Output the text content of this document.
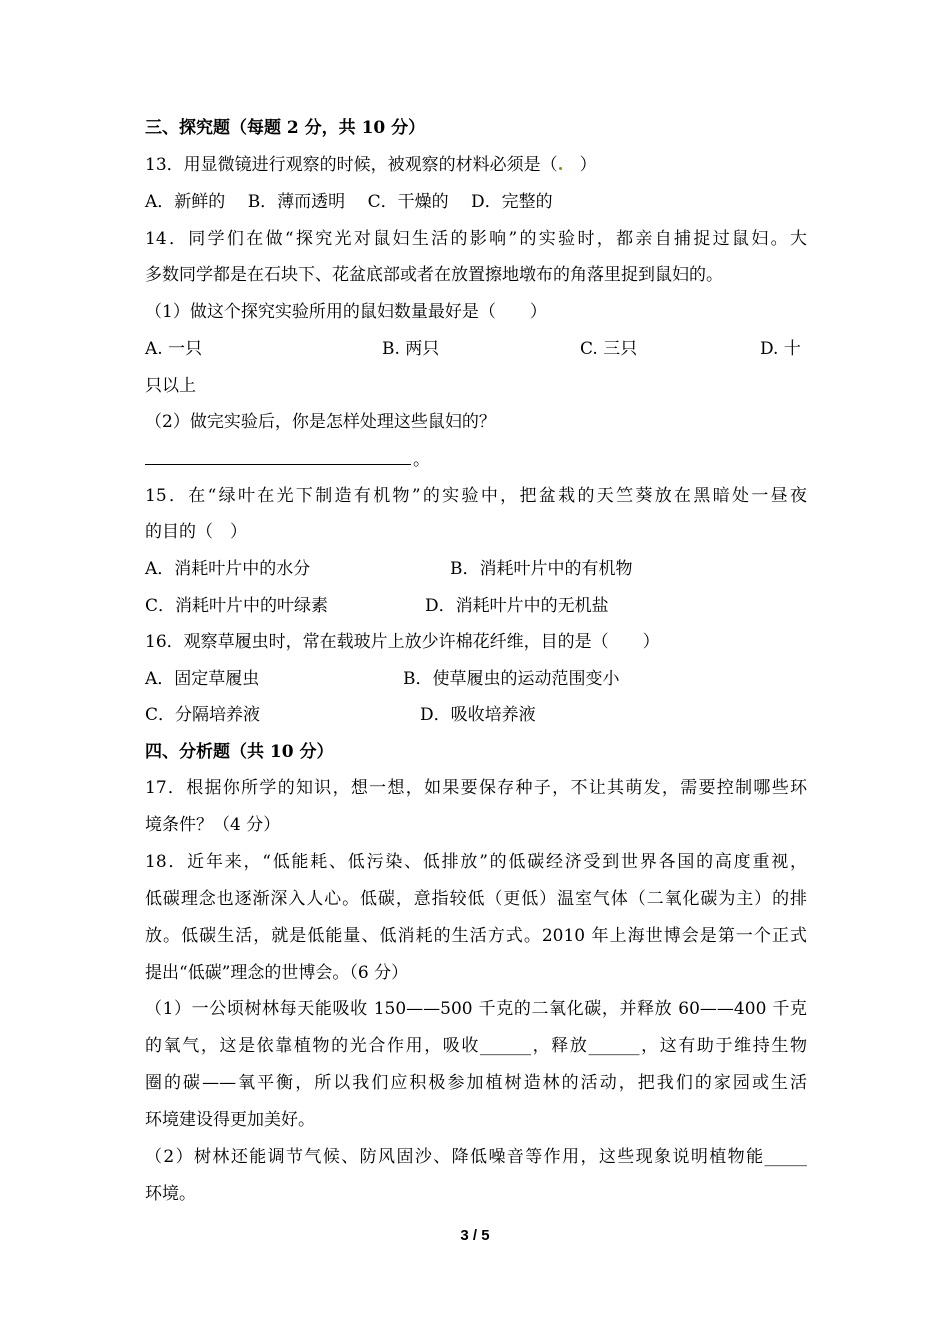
三、探究题（每题 2 分，共 10 分）
13．用显微镜进行观察的时候，被观察的材料必须是（　 ）
A．新鲜的　 B．薄而透明　 C．干燥的　 D．完整的
14．同学们在做“探究光对鼠妇生活的影响”的实验时，都亲自捕捉过鼠妇。大
多数同学都是在石块下、花盆底部或者在放置擦地墩布的角落里捉到鼠妇的。
（1）做这个探究实验所用的鼠妇数量最好是（　　）
A. 一只	B. 两只	C. 三只	D. 十
只以上
（2）做完实验后，你是怎样处理这些鼠妇的？
。
15．在“绿叶在光下制造有机物”的实验中，把盆栽的天竺葵放在黑暗处一昼夜
的目的（　）
A．消耗叶片中的水分	B．消耗叶片中的有机物
C．消耗叶片中的叶绿素	D．消耗叶片中的无机盐
16．观察草履虫时，常在载玻片上放少许棉花纤维，目的是（　　）
A．固定草履虫	B．使草履虫的运动范围变小
C．分隔培养液	D．吸收培养液
四、分析题（共 10 分）
17．根据你所学的知识，想一想，如果要保存种子，不让其萌发，需要控制哪些环
境条件？（4 分）
18．近年来，“低能耗、低污染、低排放”的低碳经济受到世界各国的高度重视，
低碳理念也逐渐深入人心。低碳，意指较低（更低）温室气体（二氧化碳为主）的排
放。低碳生活，就是低能量、低消耗的生活方式。2010 年上海世博会是第一个正式
提出“低碳”理念的世博会。（6 分）
（1）一公顷树林每天能吸收 150——500 千克的二氧化碳，并释放 60——400 千克
的氧气，这是依靠植物的光合作用，吸收______，释放______，这有助于维持生物
圈的碳——氧平衡，所以我们应积极参加植树造林的活动，把我们的家园或生活
环境建设得更加美好。
（2）树林还能调节气候、防风固沙、降低噪音等作用，这些现象说明植物能_____
环境。
3 / 5
